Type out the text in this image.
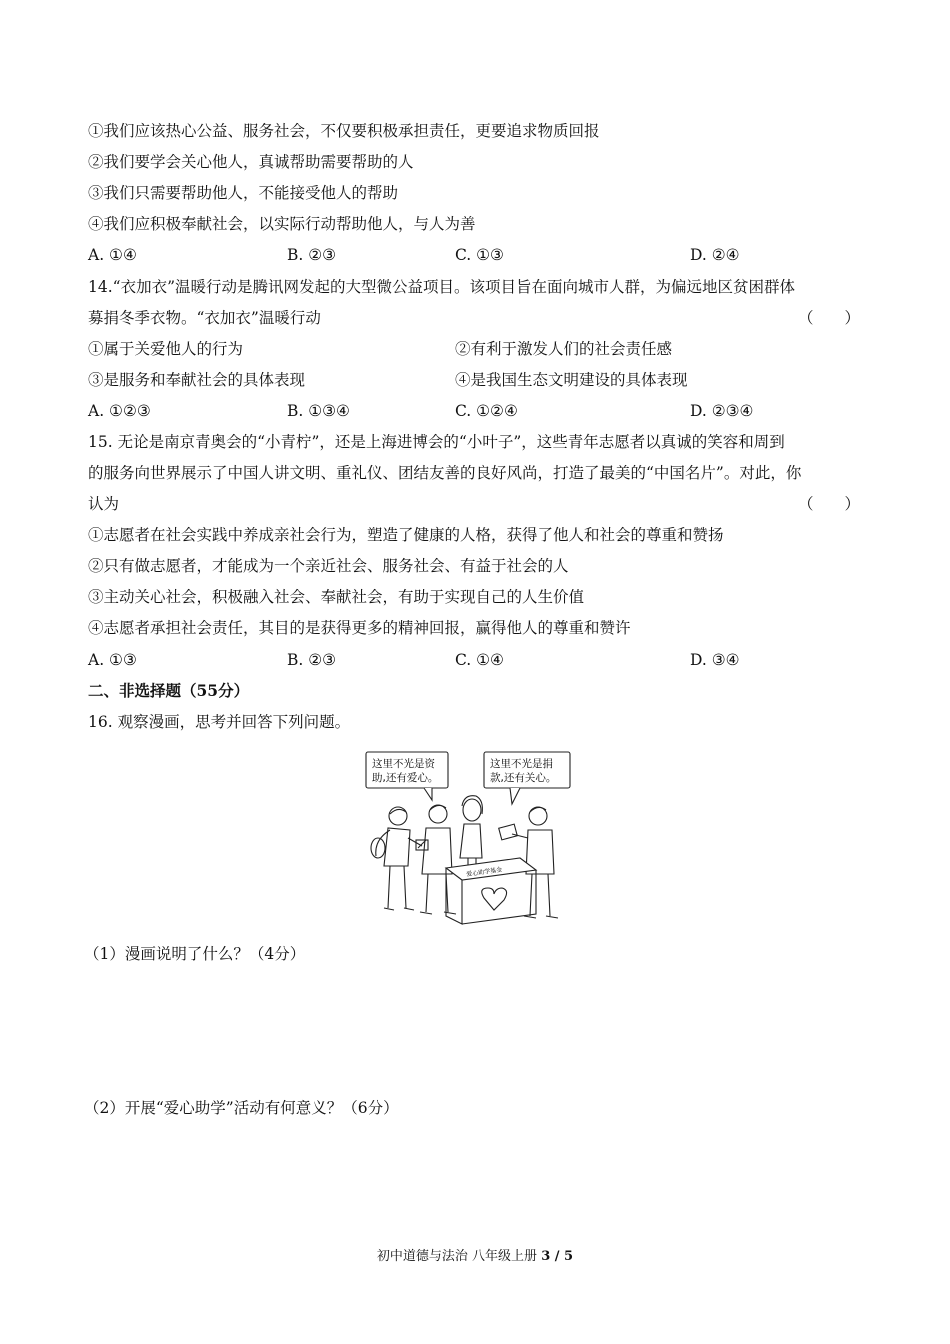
①我们应该热心公益、服务社会，不仅要积极承担责任，更要追求物质回报
②我们要学会关心他人，真诚帮助需要帮助的人
③我们只需要帮助他人，不能接受他人的帮助
④我们应积极奉献社会，以实际行动帮助他人，与人为善
A. ①④	B. ②③	C. ①③	D. ②④
14.“衣加衣”温暖行动是腾讯网发起的大型微公益项目。该项目旨在面向城市人群，为偏远地区贫困群体
募捐冬季衣物。“衣加衣”温暖行动	（　　）
①属于关爱他人的行为	②有利于激发人们的社会责任感
③是服务和奉献社会的具体表现	④是我国生态文明建设的具体表现
A. ①②③	B. ①③④	C. ①②④	D. ②③④
15. 无论是南京青奥会的“小青柠”，还是上海进博会的“小叶子”，这些青年志愿者以真诚的笑容和周到
的服务向世界展示了中国人讲文明、重礼仪、团结友善的良好风尚，打造了最美的“中国名片”。对此，你
认为	（　　）
①志愿者在社会实践中养成亲社会行为，塑造了健康的人格，获得了他人和社会的尊重和赞扬
②只有做志愿者，才能成为一个亲近社会、服务社会、有益于社会的人
③主动关心社会，积极融入社会、奉献社会，有助于实现自己的人生价值
④志愿者承担社会责任，其目的是获得更多的精神回报，赢得他人的尊重和赞许
A. ①③	B. ②③	C. ①④	D. ③④
二、非选择题（55分）
16. 观察漫画，思考并回答下列问题。
这里不光是资
助,还有爱心。
这里不光是捐
款,还有关心。
爱心助学基金
（1）漫画说明了什么？（4分）
（2）开展“爱心助学”活动有何意义？（6分）
初中道德与法治 八年级上册 3 / 5
